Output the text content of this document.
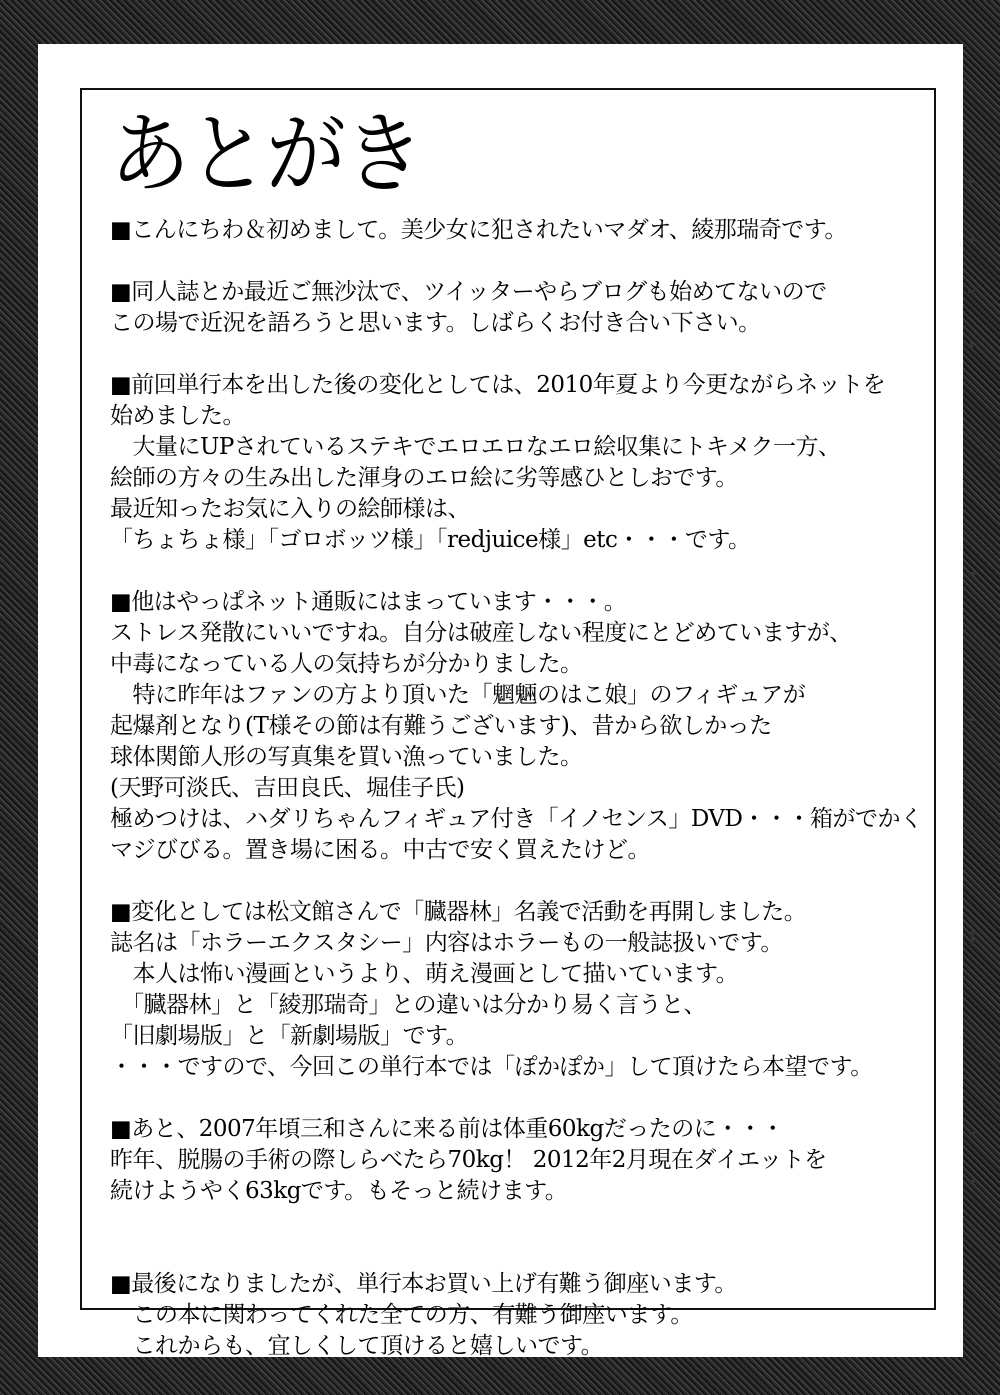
あとがき
■こんにちわ＆初めまして。美少女に犯されたいマダオ、綾那瑞奇です。
■同人誌とか最近ご無沙汰で、ツイッターやらブログも始めてないので
この場で近況を語ろうと思います。しばらくお付き合い下さい。
■前回単行本を出した後の変化としては、2010年夏より今更ながらネットを
始めました。
　大量にUPされているステキでエロエロなエロ絵収集にトキメク一方、
絵師の方々の生み出した渾身のエロ絵に劣等感ひとしおです。
最近知ったお気に入りの絵師様は、
「ちょちょ様」「ゴロボッツ様」「redjuice様」etc・・・です。
■他はやっぱネット通販にはまっています・・・。
ストレス発散にいいですね。自分は破産しない程度にとどめていますが、
中毒になっている人の気持ちが分かりました。
　特に昨年はファンの方より頂いた「魍魎のはこ娘」のフィギュアが
起爆剤となり(T様その節は有難うございます)、昔から欲しかった
球体関節人形の写真集を買い漁っていました。
(天野可淡氏、吉田良氏、堀佳子氏)
極めつけは、ハダリちゃんフィギュア付き「イノセンス」DVD・・・箱がでかく
マジびびる。置き場に困る。中古で安く買えたけど。
■変化としては松文館さんで「臓器林」名義で活動を再開しました。
誌名は「ホラーエクスタシー」内容はホラーもの一般誌扱いです。
　本人は怖い漫画というより、萌え漫画として描いています。
　「臓器林」と「綾那瑞奇」との違いは分かり易く言うと、
「旧劇場版」と「新劇場版」です。
・・・ですので、今回この単行本では「ぽかぽか」して頂けたら本望です。
■あと、2007年頃三和さんに来る前は体重60kgだったのに・・・
昨年、脱腸の手術の際しらべたら70kg！ 2012年2月現在ダイエットを
続けようやく63kgです。もそっと続けます。
■最後になりましたが、単行本お買い上げ有難う御座います。
　この本に関わってくれた全ての方、有難う御座います。
　これからも、宜しくして頂けると嬉しいです。
